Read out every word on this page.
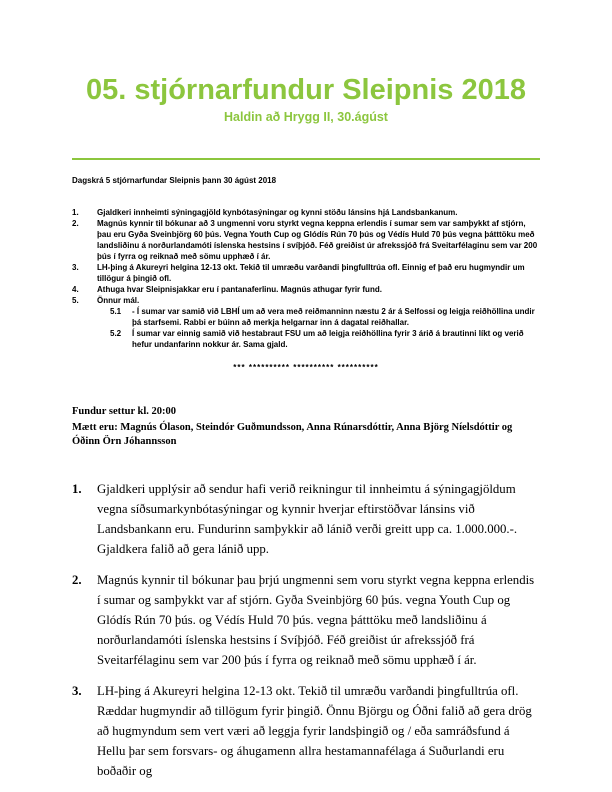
05. stjórnarfundur Sleipnis 2018
Haldin að Hrygg II, 30.ágúst

Dagskrá 5 stjórnarfundar Sleipnis þann 30 ágúst 2018

1.	Gjaldkeri innheimti sýningagjöld kynbótasýningar og kynni stöðu lánsins hjá Landsbankanum.
2.	Magnús kynnir til bókunar að 3 ungmenni voru styrkt vegna keppna erlendis í sumar sem var samþykkt af stjórn, þau eru Gyða Sveinbjörg 60 þús. Vegna Youth Cup og Glódís Rún 70 þús og Védís Huld 70 þús vegna þátttöku með landsliðinu á norðurlandamóti íslenska hestsins í svíþjóð. Féð greiðist úr afrekssjóð frá Sveitarfélaginu sem var 200 þús í fyrra og reiknað með sömu upphæð í ár.
3.	LH-þing á Akureyri helgina 12-13 okt. Tekið til umræðu varðandi þingfulltrúa ofl. Einnig ef það eru hugmyndir um tillögur á þingið ofl.
4.	Athuga hvar Sleipnisjakkar eru í pantanaferlinu. Magnús athugar fyrir fund.
5.	Önnur mál.
5.1	- Í sumar var samið við LBHÍ um að vera með reiðmanninn næstu 2 ár á Selfossi og leigja reiðhöllina undir þá starfsemi. Rabbi er búinn að merkja helgarnar inn á dagatal reiðhallar.
5.2	Í sumar var einnig samið við hestabraut FSU um að leigja reiðhöllina fyrir 3 árið á brautinni líkt og verið hefur undanfarinn nokkur ár. Sama gjald.

*** ********** ********** **********

Fundur settur kl. 20:00

Mætt eru: Magnús Ólason, Steindór Guðmundsson, Anna Rúnarsdóttir, Anna Björg Níelsdóttir og Óðinn Örn Jóhannsson

1.	Gjaldkeri upplýsir að sendur hafi verið reikningur til innheimtu á sýningagjöldum vegna síðsumarkynbótasýningar og kynnir hverjar eftirstöðvar lánsins við Landsbankann eru. Fundurinn samþykkir að lánið verði greitt upp ca. 1.000.000.-. Gjaldkera falið að gera lánið upp.
2.	Magnús kynnir til bókunar þau þrjú ungmenni sem voru styrkt vegna keppna erlendis í sumar og samþykkt var af stjórn. Gyða Sveinbjörg 60 þús. vegna Youth Cup og Glódís Rún 70 þús. og Védís Huld 70 þús. vegna þátttöku með landsliðinu á norðurlandamóti íslenska hestsins í Svíþjóð. Féð greiðist úr afrekssjóð frá Sveitarfélaginu sem var 200 þús í fyrra og reiknað með sömu upphæð í ár.
3.	LH-þing á Akureyri helgina 12-13 okt. Tekið til umræðu varðandi þingfulltrúa ofl. Ræddar hugmyndir að tillögum fyrir þingið. Önnu Björgu og Óðni falið að gera drög að hugmyndum sem vert væri að leggja fyrir landsþingið og / eða samráðsfund á Hellu þar sem forsvars- og áhugamenn allra hestamannafélaga á Suðurlandi eru boðaðir og
